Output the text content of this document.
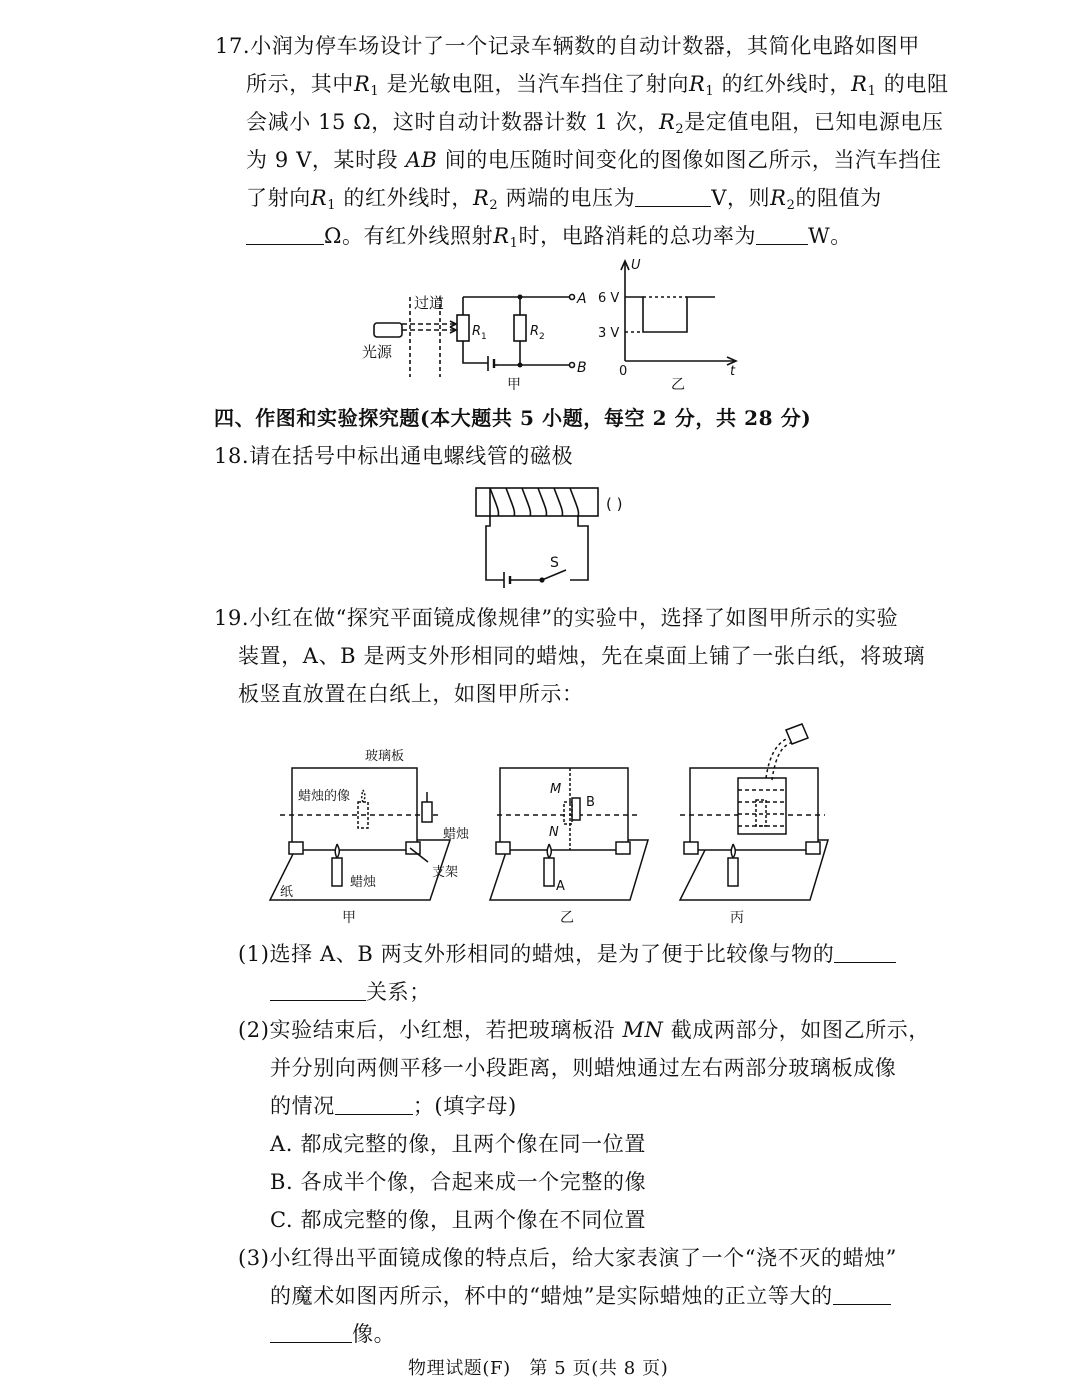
17.小润为停车场设计了一个记录车辆数的自动计数器，其简化电路如图甲
所示，其中$R_1$ 是光敏电阻，当汽车挡住了射向$R_1$ 的红外线时，$R_1$ 的电阻
会减小 15 Ω，这时自动计数器计数 1 次，$R_2$是定值电阻，已知电源电压
为 9 V，某时段 AB 间的电压随时间变化的图像如图乙所示，当汽车挡住
了射向$R_1$ 的红外线时，$R_2$ 两端的电压为	V，则$R_2$的阻值为
Ω。有红外线照射$R_1$时，电路消耗的总功率为 W。
过道
光源
R 1	R 2
A
B
甲
U
6 V
3 V
0	t
乙
四、作图和实验探究题(本大题共 5 小题，每空 2 分，共 28 分)
18.请在括号中标出通电螺线管的磁极
( )
S
19.小红在做“探究平面镜成像规律”的实验中，选择了如图甲所示的实验
装置，A、B 是两支外形相同的蜡烛，先在桌面上铺了一张白纸，将玻璃
板竖直放置在白纸上，如图甲所示：
玻璃板
蜡烛的像
蜡烛
支架
蜡烛
纸
甲
M
N
B
A
乙	丙
(1)选择 A、B 两支外形相同的蜡烛，是为了便于比较像与物的
关系；
(2)实验结束后，小红想，若把玻璃板沿 MN 截成两部分，如图乙所示，
并分别向两侧平移一小段距离，则蜡烛通过左右两部分玻璃板成像
的情况	；(填字母)
A. 都成完整的像，且两个像在同一位置
B. 各成半个像，合起来成一个完整的像
C. 都成完整的像，且两个像在不同位置
(3)小红得出平面镜成像的特点后，给大家表演了一个“浇不灭的蜡烛”
的魔术如图丙所示，杯中的“蜡烛”是实际蜡烛的正立等大的
像。
物理试题(F)　第 5 页(共 8 页)
